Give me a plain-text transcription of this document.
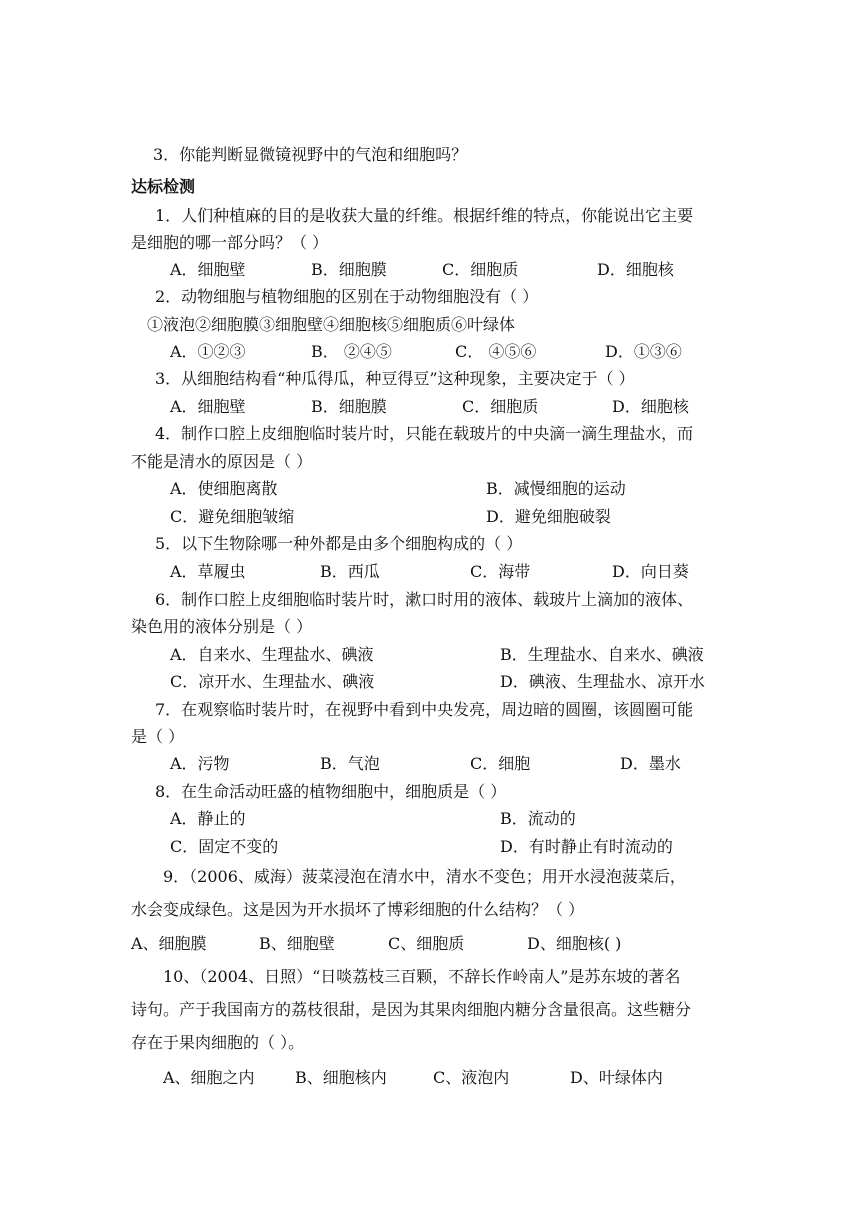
3．你能判断显微镜视野中的气泡和细胞吗？
达标检测
1．人们种植麻的目的是收获大量的纤维。根据纤维的特点，你能说出它主要
是细胞的哪一部分吗？（ ）
A．细胞壁	B．细胞膜	C．细胞质	D．细胞核
2．动物细胞与植物细胞的区别在于动物细胞没有（ ）
①液泡②细胞膜③细胞壁④细胞核⑤细胞质⑥叶绿体
A．①②③	B． ②④⑤	C． ④⑤⑥	D．①③⑥
3．从细胞结构看“种瓜得瓜，种豆得豆”这种现象，主要决定于（ ）
A．细胞壁	B．细胞膜	C．细胞质	D．细胞核
4．制作口腔上皮细胞临时装片时，只能在载玻片的中央滴一滴生理盐水，而
不能是清水的原因是（ ）
A．使细胞离散	B．减慢细胞的运动
C．避免细胞皱缩	D．避免细胞破裂
5．以下生物除哪一种外都是由多个细胞构成的（ ）
A．草履虫	B．西瓜	C．海带	D．向日葵
6．制作口腔上皮细胞临时装片时，漱口时用的液体、载玻片上滴加的液体、
染色用的液体分别是（ ）
A．自来水、生理盐水、碘液	B．生理盐水、自来水、碘液
C．凉开水、生理盐水、碘液	D．碘液、生理盐水、凉开水
7．在观察临时装片时，在视野中看到中央发亮，周边暗的圆圈，该圆圈可能
是（ ）
A．污物	B．气泡	C．细胞	D．墨水
8．在生命活动旺盛的植物细胞中，细胞质是（ ）
A．静止的	B．流动的
C．固定不变的	D．有时静止有时流动的
9．（2006、威海）菠菜浸泡在清水中，清水不变色；用开水浸泡菠菜后，
水会变成绿色。这是因为开水损坏了博彩细胞的什么结构？（ ）
A、细胞膜	B、细胞壁	C、细胞质	D、细胞核( )
10、（2004、日照）“日啖荔枝三百颗，不辞长作岭南人”是苏东坡的著名
诗句。产于我国南方的荔枝很甜，是因为其果肉细胞内糖分含量很高。这些糖分
存在于果肉细胞的（ ）。
A、细胞之内	B、细胞核内	C、液泡内	D、叶绿体内
